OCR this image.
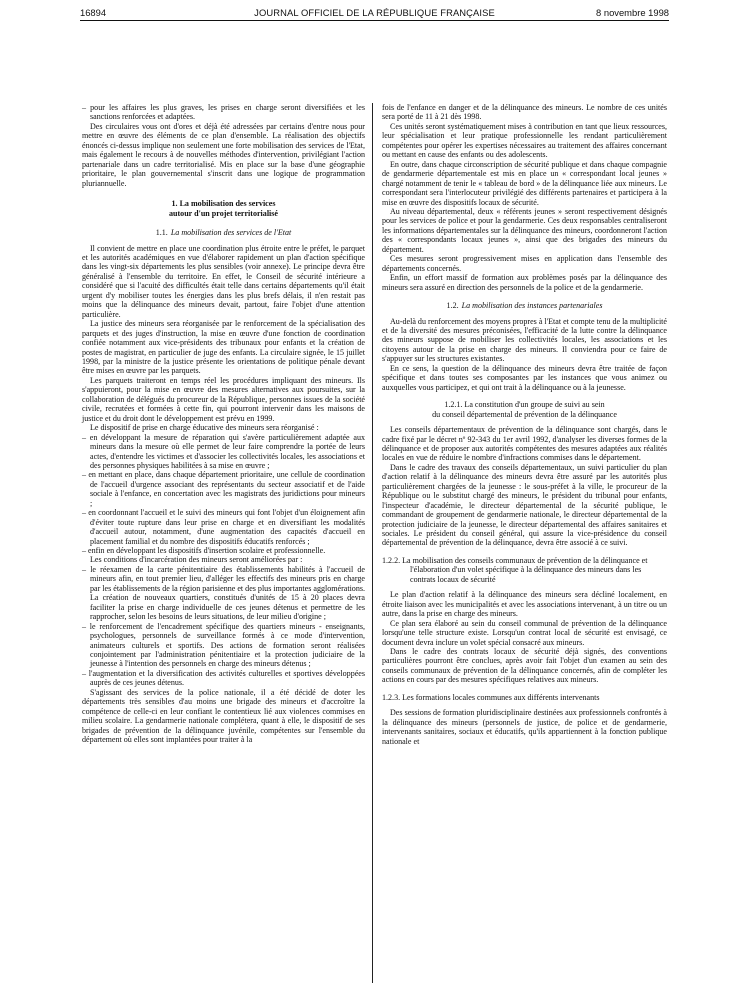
16894	JOURNAL OFFICIEL DE LA RÉPUBLIQUE FRANÇAISE	8 novembre 1998

– pour les affaires les plus graves, les prises en charge seront diversifiées et les sanctions renforcées et adaptées.

Des circulaires vous ont d'ores et déjà été adressées par certains d'entre nous pour mettre en œuvre des éléments de ce plan d'ensemble. La réalisation des objectifs énoncés ci-dessus implique non seulement une forte mobilisation des services de l'Etat, mais également le recours à de nouvelles méthodes d'intervention, privilégiant l'action partenariale dans un cadre territorialisé. Mis en place sur la base d'une géographie prioritaire, le plan gouvernemental s'inscrit dans une logique de programmation pluriannuelle.

1. La mobilisation des services
autour d'un projet territorialisé
1.1. La mobilisation des services de l'Etat

Il convient de mettre en place une coordination plus étroite entre le préfet, le parquet et les autorités académiques en vue d'élaborer rapidement un plan d'action spécifique dans les vingt-six départements les plus sensibles (voir annexe). Le principe devra être généralisé à l'ensemble du territoire. En effet, le Conseil de sécurité intérieure a considéré que si l'acuité des difficultés était telle dans certains départements qu'il était urgent d'y mobiliser toutes les énergies dans les plus brefs délais, il n'en restait pas moins que la délinquance des mineurs devait, partout, faire l'objet d'une attention particulière.

La justice des mineurs sera réorganisée par le renforcement de la spécialisation des parquets et des juges d'instruction, la mise en œuvre d'une fonction de coordination confiée notamment aux vice-présidents des tribunaux pour enfants et la création de postes de magistrat, en particulier de juge des enfants. La circulaire signée, le 15 juillet 1998, par la ministre de la justice présente les orientations de politique pénale devant être mises en œuvre par les parquets.

Les parquets traiteront en temps réel les procédures impliquant des mineurs. Ils s'appuieront, pour la mise en œuvre des mesures alternatives aux poursuites, sur la collaboration de délégués du procureur de la République, personnes issues de la société civile, recrutées et formées à cette fin, qui pourront intervenir dans les maisons de justice et du droit dont le développement est prévu en 1999.

Le dispositif de prise en charge éducative des mineurs sera réorganisé :

– en développant la mesure de réparation qui s'avère particulièrement adaptée aux mineurs dans la mesure où elle permet de leur faire comprendre la portée de leurs actes, d'entendre les victimes et d'associer les collectivités locales, les associations et des personnes physiques habilitées à sa mise en œuvre ;

– en mettant en place, dans chaque département prioritaire, une cellule de coordination de l'accueil d'urgence associant des représentants du secteur associatif et de l'aide sociale à l'enfance, en concertation avec les magistrats des juridictions pour mineurs ;

– en coordonnant l'accueil et le suivi des mineurs qui font l'objet d'un éloignement afin d'éviter toute rupture dans leur prise en charge et en diversifiant les modalités d'accueil autour, notamment, d'une augmentation des capacités d'accueil en placement familial et du nombre des dispositifs éducatifs renforcés ;

– enfin en développant les dispositifs d'insertion scolaire et professionnelle.

Les conditions d'incarcération des mineurs seront améliorées par :

– le réexamen de la carte pénitentiaire des établissements habilités à l'accueil de mineurs afin, en tout premier lieu, d'alléger les effectifs des mineurs pris en charge par les établissements de la région parisienne et des plus importantes agglomérations. La création de nouveaux quartiers, constitués d'unités de 15 à 20 places devra faciliter la prise en charge individuelle de ces jeunes détenus et permettre de les rapprocher, selon les besoins de leurs situations, de leur milieu d'origine ;

– le renforcement de l'encadrement spécifique des quartiers mineurs - enseignants, psychologues, personnels de surveillance formés à ce mode d'intervention, animateurs culturels et sportifs. Des actions de formation seront réalisées conjointement par l'administration pénitentiaire et la protection judiciaire de la jeunesse à l'intention des personnels en charge des mineurs détenus ;

– l'augmentation et la diversification des activités culturelles et sportives développées auprès de ces jeunes détenus.

S'agissant des services de la police nationale, il a été décidé de doter les départements très sensibles d'au moins une brigade des mineurs et d'accroître la compétence de celle-ci en leur confiant le contentieux lié aux violences commises en milieu scolaire. La gendarmerie nationale complétera, quant à elle, le dispositif de ses brigades de prévention de la délinquance juvénile, compétentes sur l'ensemble du département où elles sont implantées pour traiter à la

fois de l'enfance en danger et de la délinquance des mineurs. Le nombre de ces unités sera porté de 11 à 21 dès 1998.

Ces unités seront systématiquement mises à contribution en tant que lieux ressources, leur spécialisation et leur pratique professionnelle les rendant particulièrement compétentes pour opérer les expertises nécessaires au traitement des affaires concernant ou mettant en cause des enfants ou des adolescents.

En outre, dans chaque circonscription de sécurité publique et dans chaque compagnie de gendarmerie départementale est mis en place un « correspondant local jeunes » chargé notamment de tenir le « tableau de bord » de la délinquance liée aux mineurs. Le correspondant sera l'interlocuteur privilégié des différents partenaires et participera à la mise en œuvre des dispositifs locaux de sécurité.

Au niveau départemental, deux « référents jeunes » seront respectivement désignés pour les services de police et pour la gendarmerie. Ces deux responsables centraliseront les informations départementales sur la délinquance des mineurs, coordonneront l'action des « correspondants locaux jeunes », ainsi que des brigades des mineurs du département.

Ces mesures seront progressivement mises en application dans l'ensemble des départements concernés.

Enfin, un effort massif de formation aux problèmes posés par la délinquance des mineurs sera assuré en direction des personnels de la police et de la gendarmerie.

1.2. La mobilisation des instances partenariales

Au-delà du renforcement des moyens propres à l'Etat et compte tenu de la multiplicité et de la diversité des mesures préconisées, l'efficacité de la lutte contre la délinquance des mineurs suppose de mobiliser les collectivités locales, les associations et les citoyens autour de la prise en charge des mineurs. Il conviendra pour ce faire de s'appuyer sur les structures existantes.

En ce sens, la question de la délinquance des mineurs devra être traitée de façon spécifique et dans toutes ses composantes par les instances que vous animez ou auxquelles vous participez, et qui ont trait à la délinquance ou à la jeunesse.

1.2.1. La constitution d'un groupe de suivi au sein
du conseil départemental de prévention de la délinquance

Les conseils départementaux de prévention de la délinquance sont chargés, dans le cadre fixé par le décret nº 92-343 du 1er avril 1992, d'analyser les diverses formes de la délinquance et de proposer aux autorités compétentes des mesures adaptées aux réalités locales en vue de réduire le nombre d'infractions commises dans le département.

Dans le cadre des travaux des conseils départementaux, un suivi particulier du plan d'action relatif à la délinquance des mineurs devra être assuré par les autorités plus particulièrement chargées de la jeunesse : le sous-préfet à la ville, le procureur de la République ou le substitut chargé des mineurs, le président du tribunal pour enfants, l'inspecteur d'académie, le directeur départemental de la sécurité publique, le commandant de groupement de gendarmerie nationale, le directeur départemental de la protection judiciaire de la jeunesse, le directeur départemental des affaires sanitaires et sociales. Le président du conseil général, qui assure la vice-présidence du conseil départemental de prévention de la délinquance, devra être associé à ce suivi.

1.2.2. La mobilisation des conseils communaux de prévention de la délinquance et l'élaboration d'un volet spécifique à la délinquance des mineurs dans les contrats locaux de sécurité

Le plan d'action relatif à la délinquance des mineurs sera décliné localement, en étroite liaison avec les municipalités et avec les associations intervenant, à un titre ou un autre, dans la prise en charge des mineurs.

Ce plan sera élaboré au sein du conseil communal de prévention de la délinquance lorsqu'une telle structure existe. Lorsqu'un contrat local de sécurité est envisagé, ce document devra inclure un volet spécial consacré aux mineurs.

Dans le cadre des contrats locaux de sécurité déjà signés, des conventions particulières pourront être conclues, après avoir fait l'objet d'un examen au sein des conseils communaux de prévention de la délinquance concernés, afin de compléter les actions en cours par des mesures spécifiques relatives aux mineurs.

1.2.3. Les formations locales communes aux différents intervenants

Des sessions de formation pluridisciplinaire destinées aux professionnels confrontés à la délinquance des mineurs (personnels de justice, de police et de gendarmerie, intervenants sanitaires, sociaux et éducatifs, qu'ils appartiennent à la fonction publique nationale et
